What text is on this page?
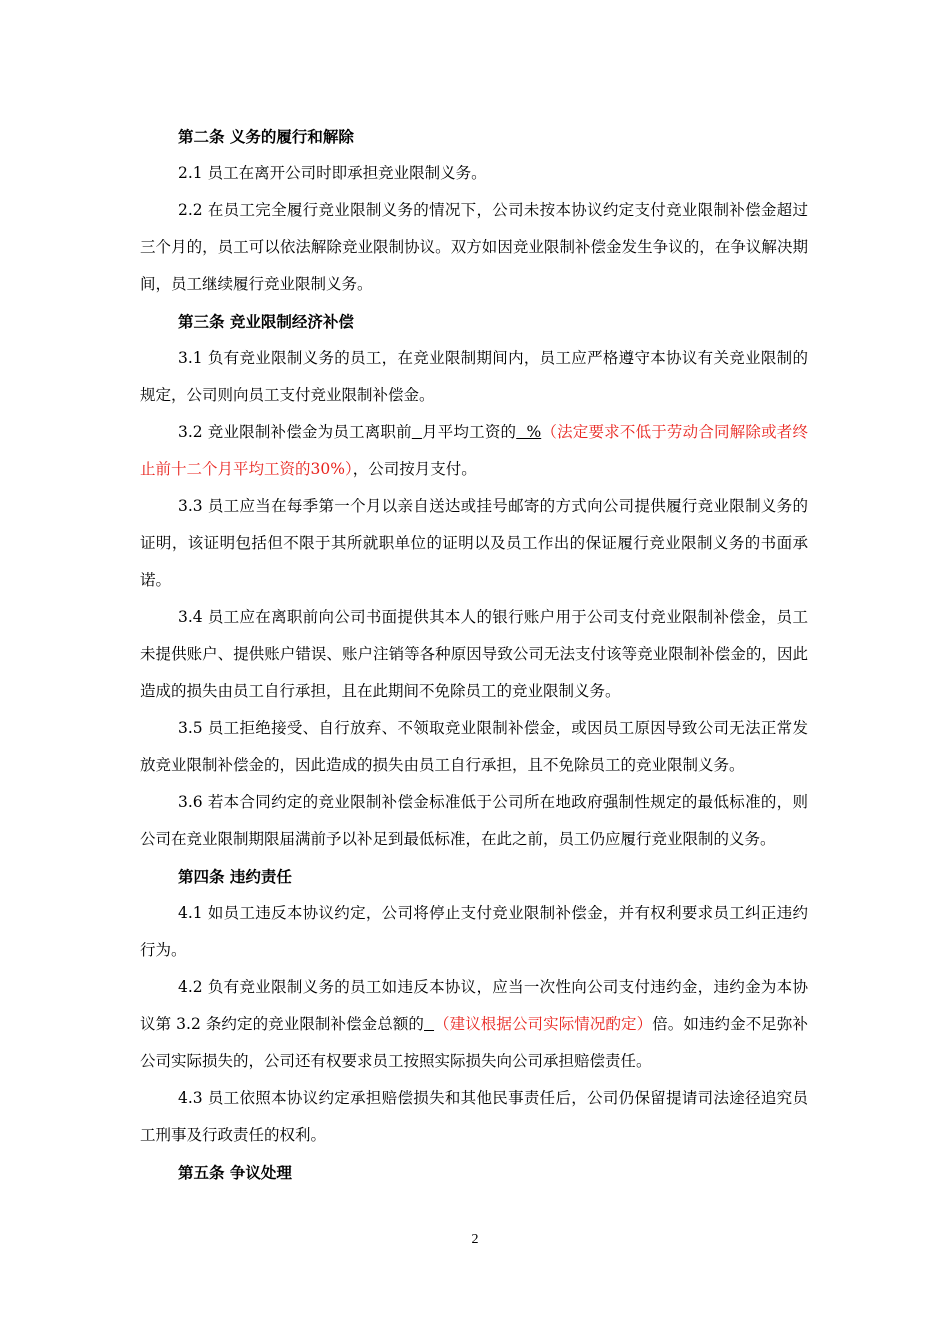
第二条 义务的履行和解除

2.1 员工在离开公司时即承担竞业限制义务。

2.2 在员工完全履行竞业限制义务的情况下，公司未按本协议约定支付竞业限制补偿金超过三个月的，员工可以依法解除竞业限制协议。双方如因竞业限制补偿金发生争议的，在争议解决期间，员工继续履行竞业限制义务。

第三条 竞业限制经济补偿

3.1 负有竞业限制义务的员工，在竞业限制期间内，员工应严格遵守本协议有关竞业限制的规定，公司则向员工支付竞业限制补偿金。

3.2 竞业限制补偿金为员工离职前 月平均工资的  %（法定要求不低于劳动合同解除或者终止前十二个月平均工资的30%），公司按月支付。

3.3 员工应当在每季第一个月以亲自送达或挂号邮寄的方式向公司提供履行竞业限制义务的证明，该证明包括但不限于其所就职单位的证明以及员工作出的保证履行竞业限制义务的书面承诺。

3.4 员工应在离职前向公司书面提供其本人的银行账户用于公司支付竞业限制补偿金，员工未提供账户、提供账户错误、账户注销等各种原因导致公司无法支付该等竞业限制补偿金的，因此造成的损失由员工自行承担，且在此期间不免除员工的竞业限制义务。

3.5 员工拒绝接受、自行放弃、不领取竞业限制补偿金，或因员工原因导致公司无法正常发放竞业限制补偿金的，因此造成的损失由员工自行承担，且不免除员工的竞业限制义务。

3.6 若本合同约定的竞业限制补偿金标准低于公司所在地政府强制性规定的最低标准的，则公司在竞业限制期限届满前予以补足到最低标准，在此之前，员工仍应履行竞业限制的义务。

第四条 违约责任

4.1 如员工违反本协议约定，公司将停止支付竞业限制补偿金，并有权利要求员工纠正违约行为。

4.2 负有竞业限制义务的员工如违反本协议，应当一次性向公司支付违约金，违约金为本协议第 3.2 条约定的竞业限制补偿金总额的 （建议根据公司实际情况酌定）倍。如违约金不足弥补公司实际损失的，公司还有权要求员工按照实际损失向公司承担赔偿责任。

4.3 员工依照本协议约定承担赔偿损失和其他民事责任后，公司仍保留提请司法途径追究员工刑事及行政责任的权利。

第五条 争议处理

2
